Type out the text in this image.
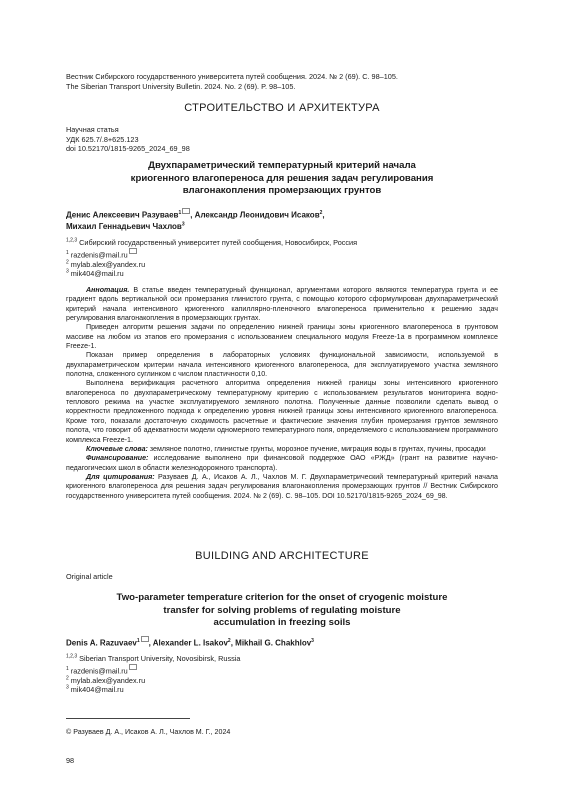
Вестник Сибирского государственного университета путей сообщения. 2024. № 2 (69). С. 98–105.
The Siberian Transport University Bulletin. 2024. No. 2 (69). P. 98–105.
СТРОИТЕЛЬСТВО И АРХИТЕКТУРА
Научная статья
УДК 625.7/.8+625.123
doi 10.52170/1815-9265_2024_69_98
Двухпараметрический температурный критерий начала
криогенного влагопереноса для решения задач регулирования
влагонакопления промерзающих грунтов
Денис Алексеевич Разуваев$^1$ , Александр Леонидович Исаков$^2$,
Михаил Геннадьевич Чахлов$^3$
$^{1,2,3}$ Сибирский государственный университет путей сообщения, Новосибирск, Россия
$^1$ razdenis@mail.ru
$^2$ mylab.alex@yandex.ru
$^3$ mik404@mail.ru

Аннотация. В статье введен температурный функционал, аргументами которого являются температура грунта и ее градиент вдоль вертикальной оси промерзания глинистого грунта, с помощью которого сформулирован двухпараметрический критерий начала интенсивного криогенного капиллярно-пленочного влагопереноса применительно к решению задач регулирования влагонакопления в промерзающих грунтах.

Приведен алгоритм решения задачи по определению нижней границы зоны криогенного влагопереноса в грунтовом массиве на любом из этапов его промерзания с использованием специального модуля Freeze-1a в программном комплексе Freeze-1.

Показан пример определения в лабораторных условиях функциональной зависимости, используемой в двухпараметрическом критерии начала интенсивного криогенного влагопереноса, для эксплуатируемого участка земляного полотна, сложенного суглинком с числом пластичности 0,10.

Выполнена верификация расчетного алгоритма определения нижней границы зоны интенсивного криогенного влагопереноса по двухпараметрическому температурному критерию с использованием результатов мониторинга водно-теплового режима на участке эксплуатируемого земляного полотна. Полученные данные позволили сделать вывод о корректности предложенного подхода к определению уровня нижней границы зоны интенсивного криогенного влагопереноса. Кроме того, показали достаточную сходимость расчетные и фактические значения глубин промерзания грунтов земляного полота, что говорит об адекватности модели одномерного температурного поля, определяемого с использованием программного комплекса Freeze-1.

Ключевые слова: земляное полотно, глинистые грунты, морозное пучение, миграция воды в грунтах, пучины, просадки

Финансирование: исследование выполнено при финансовой поддержке ОАО «РЖД» (грант на развитие научно-педагогических школ в области железнодорожного транспорта).

Для цитирования: Разуваев Д. А., Исаков А. Л., Чахлов М. Г. Двухпараметрический температурный критерий начала криогенного влагопереноса для решения задач регулирования влагонакопления промерзающих грунтов // Вестник Сибирского государственного университета путей сообщения. 2024. № 2 (69). С. 98–105. DOI 10.52170/1815-9265_2024_69_98.

BUILDING AND ARCHITECTURE
Original article
Two-parameter temperature criterion for the onset of cryogenic moisture
transfer for solving problems of regulating moisture
accumulation in freezing soils
Denis A. Razuvaev$^1$ , Alexander L. Isakov$^2$, Mikhail G. Chakhlov$^3$
$^{1,2,3}$ Siberian Transport University, Novosibirsk, Russia
$^1$ razdenis@mail.ru
$^2$ mylab.alex@yandex.ru
$^3$ mik404@mail.ru
© Разуваев Д. А., Исаков А. Л., Чахлов М. Г., 2024
98
